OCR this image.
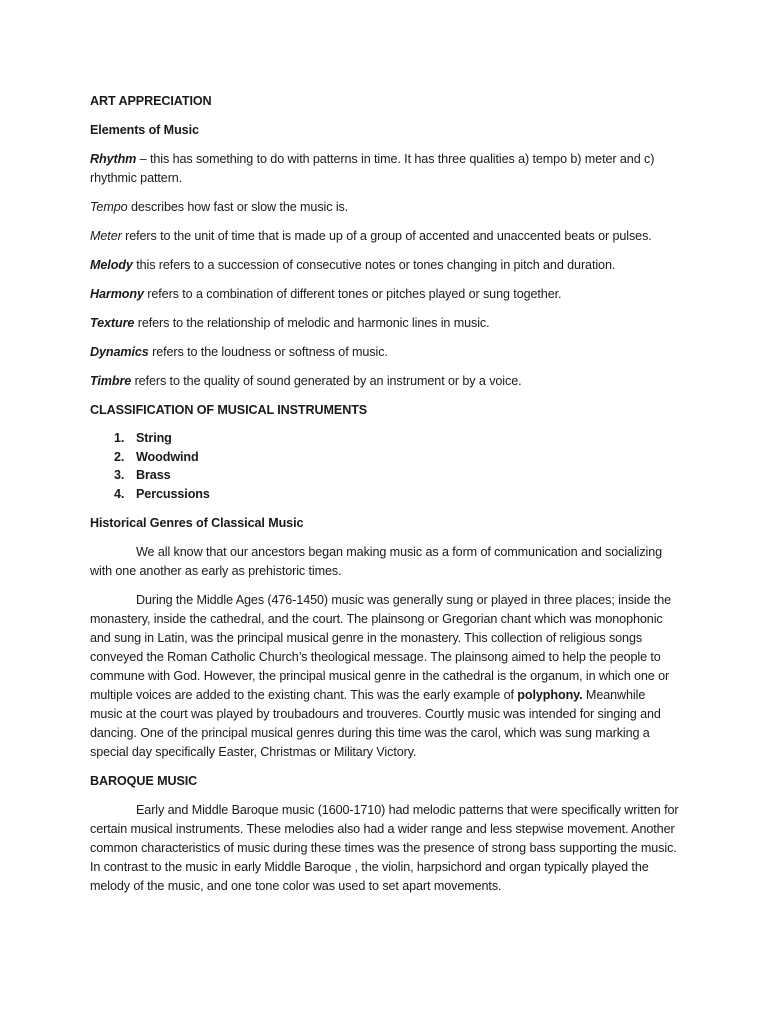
ART APPRECIATION

Elements of Music

Rhythm – this has something to do with patterns in time. It has three qualities a) tempo b) meter and c) rhythmic pattern.

Tempo describes how fast or slow the music is.

Meter refers to the unit of time that is made up of a group of accented and unaccented beats or pulses.

Melody this refers to a succession of consecutive notes or tones changing in pitch and duration.

Harmony refers to a combination of different tones or pitches played or sung together.

Texture refers to the relationship of melodic and harmonic lines in music.

Dynamics refers to the loudness or softness of music.

Timbre refers to the quality of sound generated by an instrument or by a voice.

CLASSIFICATION OF MUSICAL INSTRUMENTS

1. String
2. Woodwind
3. Brass
4. Percussions

Historical Genres of Classical Music

We all know that our ancestors began making music as a form of communication and socializing with one another as early as prehistoric times.

During the Middle Ages (476-1450) music was generally sung or played in three places; inside the monastery, inside the cathedral, and the court. The plainsong or Gregorian chant which was monophonic and sung in Latin, was the principal musical genre in the monastery. This collection of religious songs conveyed the Roman Catholic Church’s theological message. The plainsong aimed to help the people to commune with God. However, the principal musical genre in the cathedral is the organum, in which one or multiple voices are added to the existing chant. This was the early example of polyphony. Meanwhile music at the court was played by troubadours and trouveres. Courtly music was intended for singing and dancing. One of the principal musical genres during this time was the carol, which was sung marking a special day specifically Easter, Christmas or Military Victory.

BAROQUE MUSIC

Early and Middle Baroque music (1600-1710) had melodic patterns that were specifically written for certain musical instruments. These melodies also had a wider range and less stepwise movement. Another common characteristics of music during these times was the presence of strong bass supporting the music. In contrast to the music in early Middle Baroque , the violin, harpsichord and organ typically played the melody of the music, and one tone color was used to set apart movements.
